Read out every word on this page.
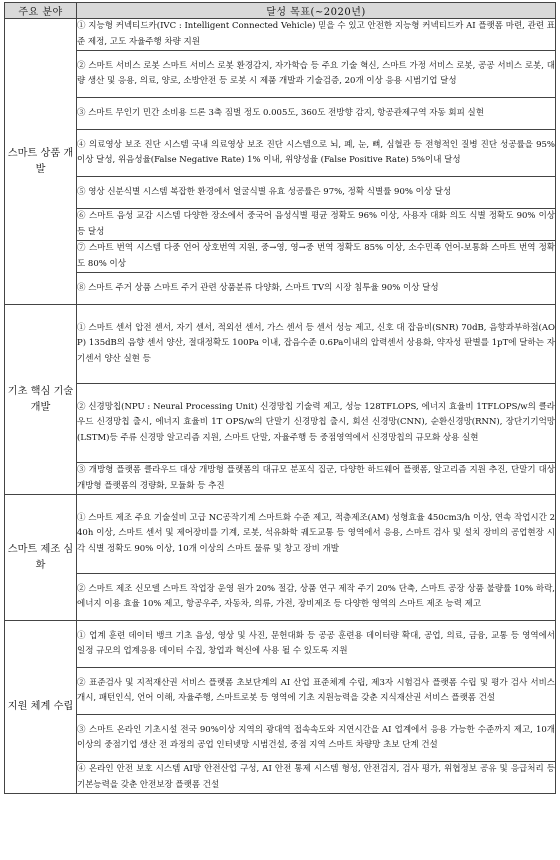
주요 분야	달성 목표(~2020년)
스마트 상품 개발	① 지능형 커넥티드카(IVC : Intelligent Connected Vehicle) 믿을 수 있고 안전한 지능형 커넥티드카 AI 플랫폼 마련, 관련 표준 제정, 고도 자율주행 차량 지원
	② 스마트 서비스 로봇 스마트 서비스 로봇 환경감지, 자가학습 등 주요 기술 혁신, 스마트 가정 서비스 로봇, 공공 서비스 로봇, 대량 생산 및 응용, 의료, 양로, 소방안전 등 로봇 시 제품 개발과 기술검증, 20개 이상 응용 시범기업 달성
	③ 스마트 무인기 민간 소비용 드론 3축 짐벌 정도 0.005도, 360도 전방향 감지, 항공관제구역 자동 회피 실현
	④ 의료영상 보조 진단 시스템 국내 의료영상 보조 진단 시스템으로 뇌, 폐, 눈, 뼈, 심혈관 등 전형적인 질병 진단 성공률을 95% 이상 달성, 위음성율(False Negative Rate) 1% 이내, 위양성율 (False Positive Rate) 5%이내 달성
	⑤ 영상 신분식별 시스템 복잡한 환경에서 얼굴식별 유효 성공률은 97%, 정확 식별률 90% 이상 달성
	⑥ 스마트 음성 교감 시스템 다양한 장소에서 중국어 음성식별 평균 정확도 96% 이상, 사용자 대화 의도 식별 정확도 90% 이상 등 달성
	⑦ 스마트 번역 시스템 다중 언어 상호번역 지원, 중→영, 영→중 번역 정확도 85% 이상, 소수민족 언어-보통화 스마트 번역 정확도 80% 이상
	⑧ 스마트 주거 상품 스마트 주거 관련 상품분류 다양화, 스마트 TV의 시장 침투율 90% 이상 달성
기초 핵심 기술 개발	① 스마트 센서 압전 센서, 자기 센서, 적외선 센서, 가스 센서 등 센서 성능 제고, 신호 대 잡음비(SNR) 70dB, 음향과부하점(AOP) 135dB의 음향 센서 양산, 절대정확도 100Pa 이내, 잡음수준 0.6Pa이내의 압력센서 상용화, 약자성 판별를 1pT에 달하는 자기센서 양산 실현 등
	② 신경망칩(NPU : Neural Processing Unit) 신경망칩 기술력 제고, 성능 128TFLOPS, 에너지 효율비 1TFLOPS/w의 클라우드 신경망칩 출시, 에너지 효율비 1T OPS/w의 단말기 신경망칩 출시, 회선 신경망(CNN), 순환신경망(RNN), 장단기기억망(LSTM)등 주류 신경망 알고리즘 지원, 스마트 단말, 자율주행 등 중점영역에서 신경망칩의 규모화 상용 실현
	③ 개방형 플랫폼 클라우드 대상 개방형 플랫폼의 대규모 분포식 집군, 다양한 하드웨어 플랫폼, 알고리즘 지원 추진, 단말기 대상 개방형 플랫폼의 경량화, 모듈화 등 추진
스마트 제조 심화	① 스마트 제조 주요 기술설비 고급 NC공작기계 스마트화 수준 제고, 적층제조(AM) 성형효율 450cm3/h 이상, 연속 작업시간 240h 이상, 스마트 센서 및 제어장비를 기계, 로봇, 석유화학 궤도교통 등 영역에서 응용, 스마트 검사 및 설치 장비의 공업현장 시각 식별 정확도 90% 이상, 10개 이상의 스마트 물류 및 창고 장비 개발
	② 스마트 제조 신모델 스마트 작업장 운영 원가 20% 절감, 상품 연구 제작 주기 20% 단축, 스마트 공장 상품 불량률 10% 하락, 에너지 이용 효율 10% 제고, 항공우주, 자동차, 의류, 가전, 장비제조 등 다양한 영역의 스마트 제조 능력 제고
지원 체계 수립	① 업계 훈련 데이터 뱅크 기초 음성, 영상 및 사진, 문헌대화 등 공공 훈련용 데이터량 확대, 공업, 의료, 금융, 교통 등 영역에서 일정 규모의 업계응용 데이터 수집, 창업과 혁신에 사용 될 수 있도록 지원
	② 표준검사 및 지적재산권 서비스 플랫폼 초보단계의 AI 산업 표준체계 수립, 제3자 시험검사 플랫폼 수립 및 평가 검사 서비스 개시, 패턴인식, 언어 이해, 자율주행, 스마트로봇 등 영역에 기초 지원능력을 갖춘 지식재산권 서비스 플랫폼 건설
	③ 스마트 온라인 기초시설 전국 90%이상 지역의 광대역 접속속도와 지연시간을 AI 업계에서 응용 가능한 수준까지 제고, 10개 이상의 중점기업 생산 전 과정의 공업 인터넷망 시범건설, 중점 지역 스마트 차량망 초보 단계 건설
	④ 온라인 안전 보호 시스템 AI망 안전산업 구성, AI 안전 통제 시스템 형성, 안전검지, 검사 평가, 위협정보 공유 및 응급처리 등 기본능력을 갖춘 안전보장 플랫폼 건설
